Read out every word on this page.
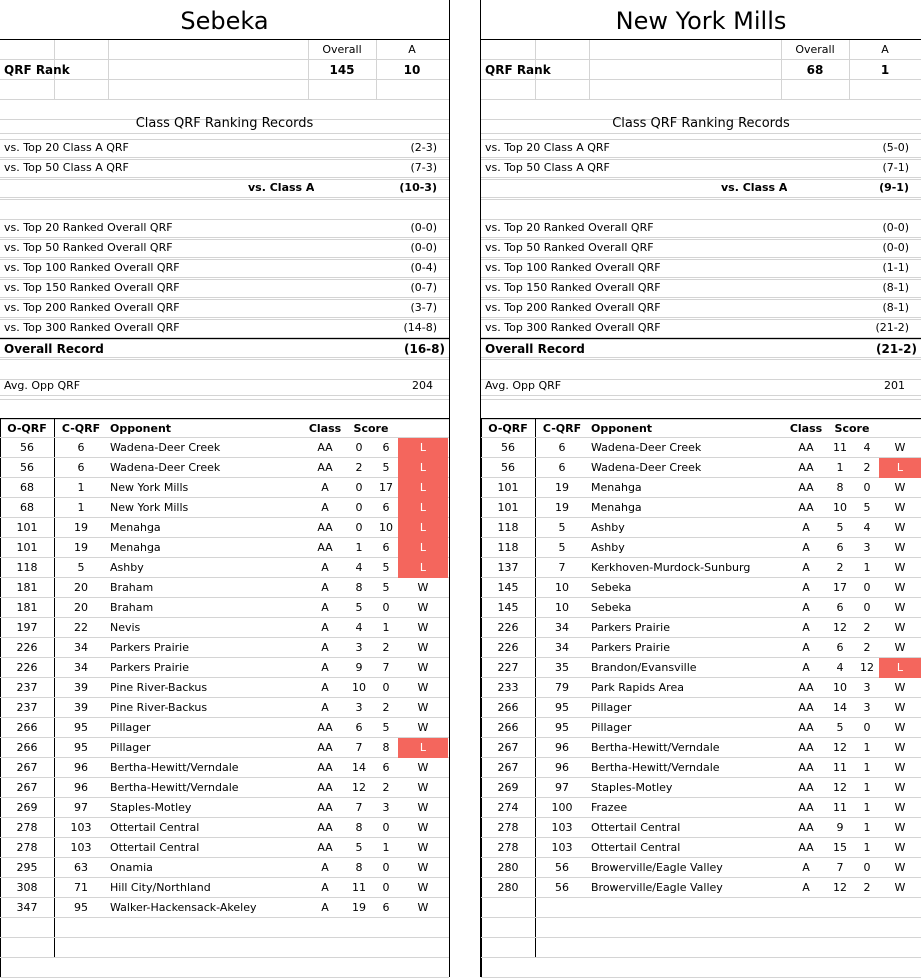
Sebeka
Overall	A
QRF Rank	145	10
Class QRF Ranking Records
vs. Top 20 Class A QRF	(2-3)
vs. Top 50 Class A QRF	(7-3)
vs. Class A	(10-3)
vs. Top 20 Ranked Overall QRF	(0-0)
vs. Top 50 Ranked Overall QRF	(0-0)
vs. Top 100 Ranked Overall QRF	(0-4)
vs. Top 150 Ranked Overall QRF	(0-7)
vs. Top 200 Ranked Overall QRF	(3-7)
vs. Top 300 Ranked Overall QRF	(14-8)
Overall Record	(16-8)
Avg. Opp QRF	204
O-QRF	C-QRF Opponent	Class	Score
56	6	Wadena-Deer Creek	AA	0	6	L
56	6	Wadena-Deer Creek	AA	2	5	L
68	1	New York Mills	A	0	17	L
68	1	New York Mills	A	0	6	L
101	19	Menahga	AA	0	10	L
101	19	Menahga	AA	1	6	L
118	5	Ashby	A	4	5	L
181	20	Braham	A	8	5	W
181	20	Braham	A	5	0	W
197	22	Nevis	A	4	1	W
226	34	Parkers Prairie	A	3	2	W
226	34	Parkers Prairie	A	9	7	W
237	39	Pine River-Backus	A	10	0	W
237	39	Pine River-Backus	A	3	2	W
266	95	Pillager	AA	6	5	W
266	95	Pillager	AA	7	8	L
267	96	Bertha-Hewitt/Verndale	AA	14	6	W
267	96	Bertha-Hewitt/Verndale	AA	12	2	W
269	97	Staples-Motley	AA	7	3	W
278	103	Ottertail Central	AA	8	0	W
278	103	Ottertail Central	AA	5	1	W
295	63	Onamia	A	8	0	W
308	71	Hill City/Northland	A	11	0	W
347	95	Walker-Hackensack-Akeley	A	19	6	W
New York Mills
Overall	A
QRF Rank	68	1
Class QRF Ranking Records
vs. Top 20 Class A QRF	(5-0)
vs. Top 50 Class A QRF	(7-1)
vs. Class A	(9-1)
vs. Top 20 Ranked Overall QRF	(0-0)
vs. Top 50 Ranked Overall QRF	(0-0)
vs. Top 100 Ranked Overall QRF	(1-1)
vs. Top 150 Ranked Overall QRF	(8-1)
vs. Top 200 Ranked Overall QRF	(8-1)
vs. Top 300 Ranked Overall QRF	(21-2)
Overall Record	(21-2)
Avg. Opp QRF	201
O-QRF	C-QRF Opponent	Class	Score
56	6	Wadena-Deer Creek	AA	11	4	W
56	6	Wadena-Deer Creek	AA	1	2	L
101	19	Menahga	AA	8	0	W
101	19	Menahga	AA	10	5	W
118	5	Ashby	A	5	4	W
118	5	Ashby	A	6	3	W
137	7	Kerkhoven-Murdock-Sunburg	A	2	1	W
145	10	Sebeka	A	17	0	W
145	10	Sebeka	A	6	0	W
226	34	Parkers Prairie	A	12	2	W
226	34	Parkers Prairie	A	6	2	W
227	35	Brandon/Evansville	A	4	12	L
233	79	Park Rapids Area	AA	10	3	W
266	95	Pillager	AA	14	3	W
266	95	Pillager	AA	5	0	W
267	96	Bertha-Hewitt/Verndale	AA	12	1	W
267	96	Bertha-Hewitt/Verndale	AA	11	1	W
269	97	Staples-Motley	AA	12	1	W
274	100	Frazee	AA	11	1	W
278	103	Ottertail Central	AA	9	1	W
278	103	Ottertail Central	AA	15	1	W
280	56	Browerville/Eagle Valley	A	7	0	W
280	56	Browerville/Eagle Valley	A	12	2	W
